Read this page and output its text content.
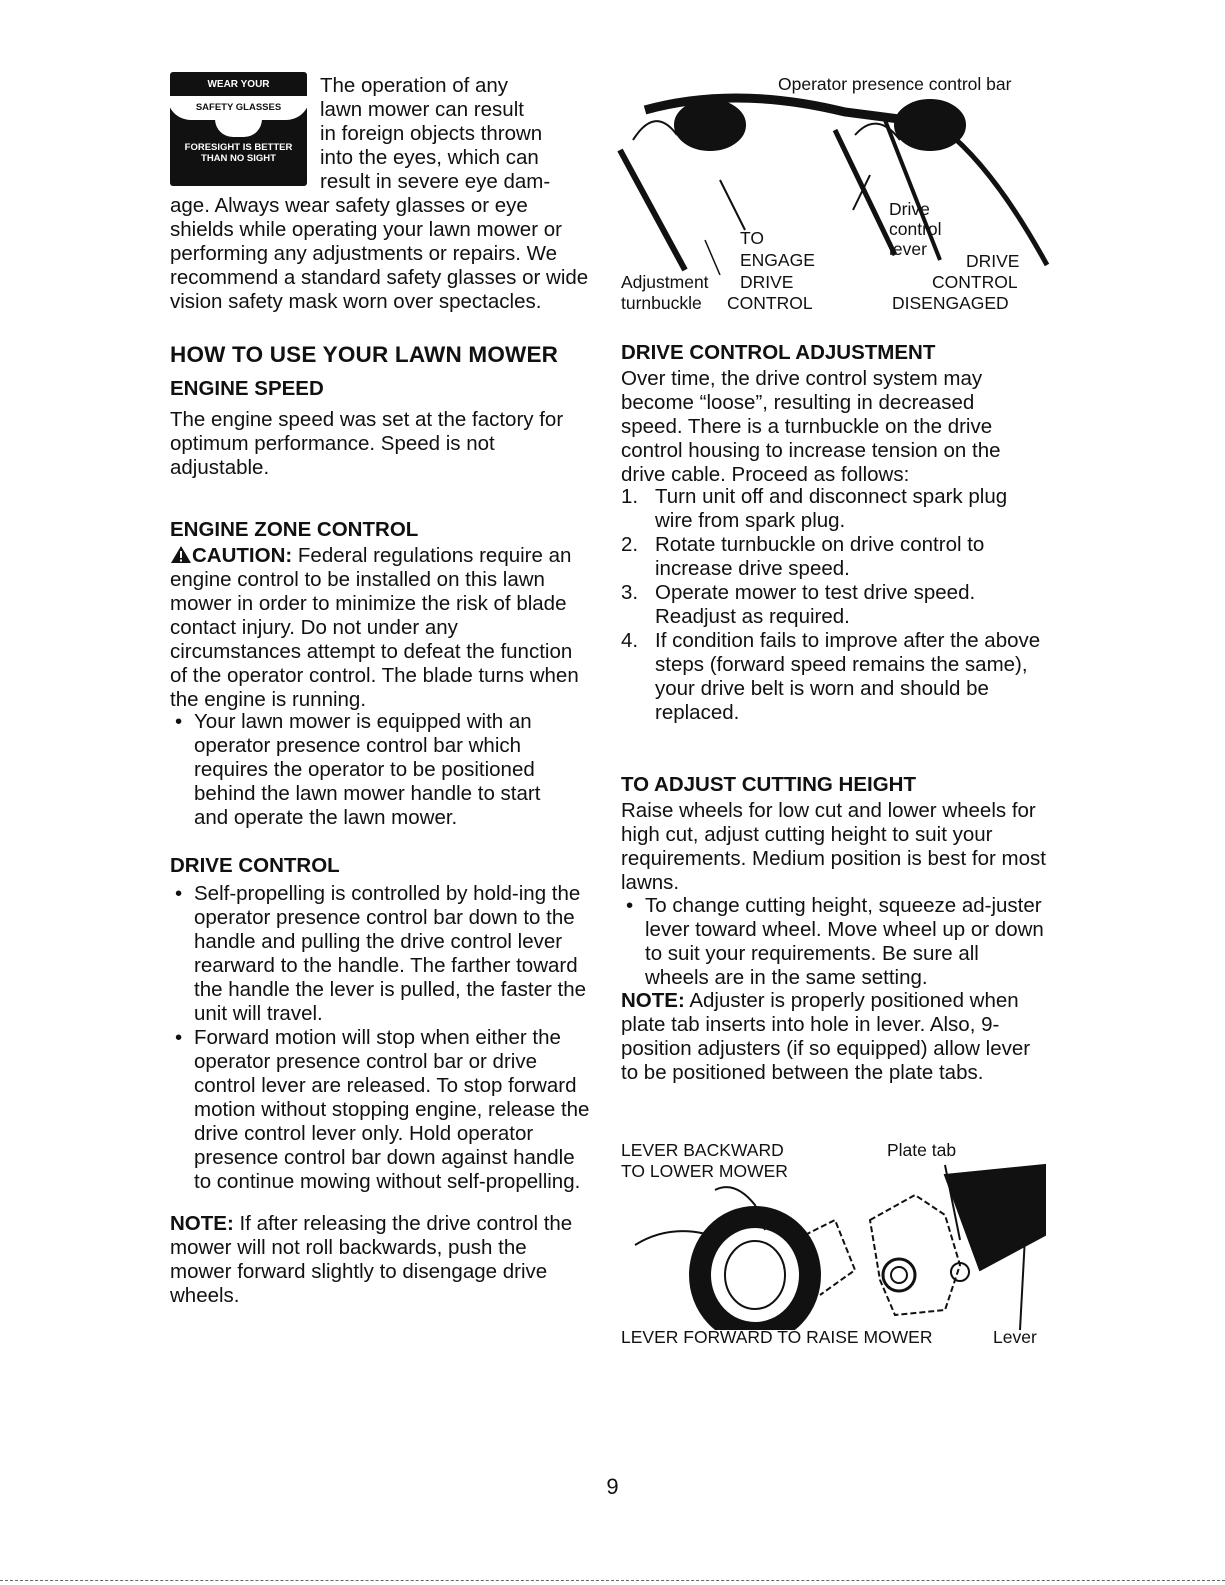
WEAR YOUR
SAFETY GLASSES
FORESIGHT IS BETTER
THAN NO SIGHT

The operation of any

lawn mower can result

in foreign objects thrown

into the eyes, which can

result in severe eye dam-

age. Always wear safety glasses or eye shields while operating your lawn mower or performing any adjustments or repairs. We recommend a standard safety glasses or wide vision safety mask worn over spectacles.

HOW TO USE YOUR LAWN MOWER
ENGINE SPEED

The engine speed was set at the factory for optimum performance. Speed is not adjustable.

ENGINE ZONE CONTROL

CAUTION: Federal regulations require an engine control to be installed on this lawn mower in order to minimize the risk of blade contact injury. Do not under any circumstances attempt to defeat the function of the operator control. The blade turns when the engine is running.

• Your lawn mower is equipped with an operator presence control bar which requires the operator to be positioned behind the lawn mower handle to start and operate the lawn mower.
DRIVE CONTROL
• Self-propelling is controlled by hold-ing the operator presence control bar down to the handle and pulling the drive control lever rearward to the handle. The farther toward the handle the lever is pulled, the faster the unit will travel.
• Forward motion will stop when either the operator presence control bar or drive control lever are released. To stop forward motion without stopping engine, release the drive control lever only. Hold operator presence control bar down against handle to continue mowing without self-propelling.

NOTE: If after releasing the drive control the mower will not roll backwards, push the mower forward slightly to disengage drive wheels.

Operator presence control bar
Drive
control
lever
TO
ENGAGE
DRIVE
CONTROL
DRIVE
CONTROL
DISENGAGED
Adjustment
turnbuckle
DRIVE CONTROL ADJUSTMENT

Over time, the drive control system may become “loose”, resulting in decreased speed. There is a turnbuckle on the drive control housing to increase tension on the drive cable. Proceed as follows:

1. Turn unit off and disconnect spark plug wire from spark plug.
2. Rotate turnbuckle on drive control to increase drive speed.
3. Operate mower to test drive speed. Readjust as required.
4. If condition fails to improve after the above steps (forward speed remains the same), your drive belt is worn and should be replaced.
TO ADJUST CUTTING HEIGHT

Raise wheels for low cut and lower wheels for high cut, adjust cutting height to suit your requirements. Medium position is best for most lawns.

• To change cutting height, squeeze ad-juster lever toward wheel. Move wheel up or down to suit your requirements. Be sure all wheels are in the same setting.

NOTE: Adjuster is properly positioned when plate tab inserts into hole in lever. Also, 9-position adjusters (if so equipped) allow lever to be positioned between the plate tabs.

LEVER BACKWARD
TO LOWER MOWER
Plate tab
LEVER FORWARD TO RAISE MOWER	Lever
9
